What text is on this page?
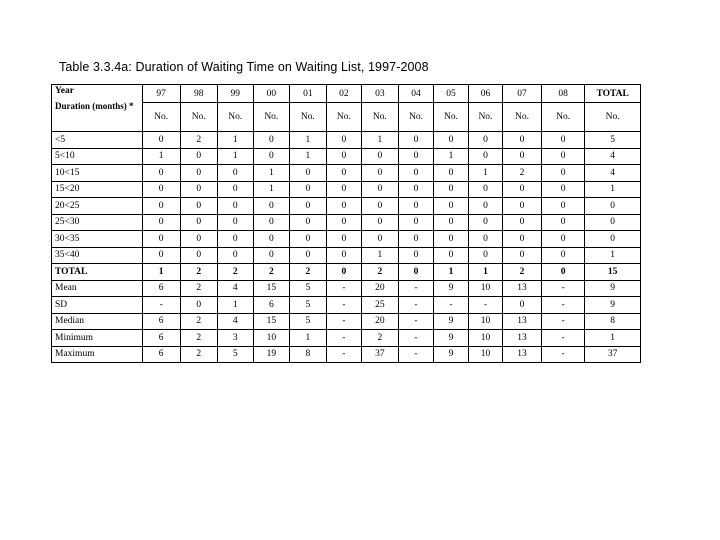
Table 3.3.4a: Duration of Waiting Time on Waiting List, 1997-2008
Year
Duration (months) *	97	98	99	00	01	02	03	04	05	06	07	08	TOTAL
	No.	No.	No.	No.	No.	No.	No.	No.	No.	No.	No.	No.	No.
<5	0	2	1	0	1	0	1	0	0	0	0	0	5
5<10	1	0	1	0	1	0	0	0	1	0	0	0	4
10<15	0	0	0	1	0	0	0	0	0	1	2	0	4
15<20	0	0	0	1	0	0	0	0	0	0	0	0	1
20<25	0	0	0	0	0	0	0	0	0	0	0	0	0
25<30	0	0	0	0	0	0	0	0	0	0	0	0	0
30<35	0	0	0	0	0	0	0	0	0	0	0	0	0
35<40	0	0	0	0	0	0	1	0	0	0	0	0	1
TOTAL	1	2	2	2	2	0	2	0	1	1	2	0	15
Mean	6	2	4	15	5	-	20	-	9	10	13	-	9
SD	-	0	1	6	5	-	25	-	-	-	0	-	9
Median	6	2	4	15	5	-	20	-	9	10	13	-	8
Minimum	6	2	3	10	1	-	2	-	9	10	13	-	1
Maximum	6	2	5	19	8	-	37	-	9	10	13	-	37
